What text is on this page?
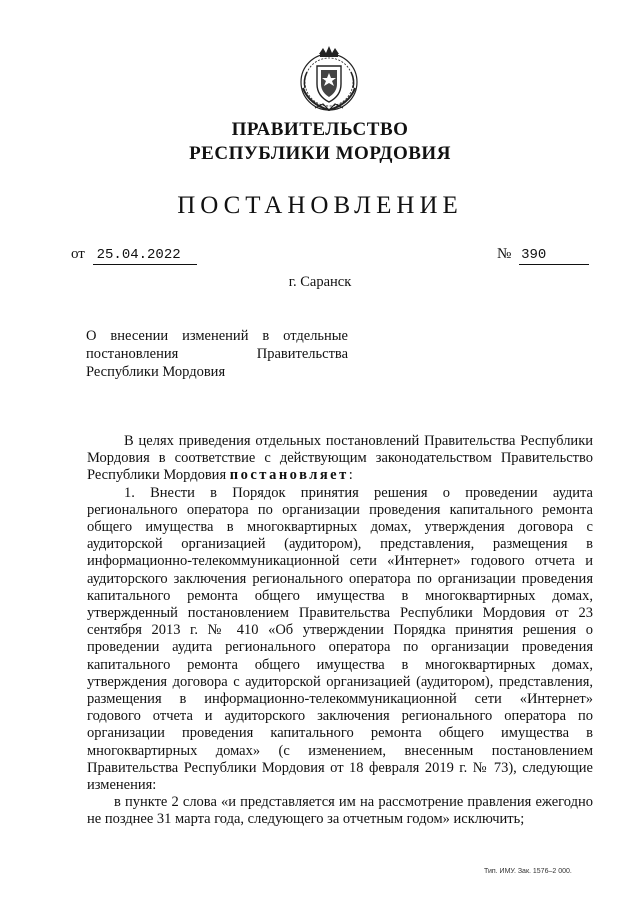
ПРАВИТЕЛЬСТВО
РЕСПУБЛИКИ МОРДОВИЯ
ПОСТАНОВЛЕНИЕ
от 25.04.2022	№ 390
г. Саранск
О внесении изменений в отдельные
постановления Правительства
Республики Мордовия

В целях приведения отдельных постановлений Правительства Республики Мордовия в соответствие с действующим законодательством Правительство Республики Мордовия постановляет:

1. Внести в Порядок принятия решения о проведении аудита регионального оператора по организации проведения капитального ремонта общего имущества в многоквартирных домах, утверждения договора с аудиторской организацией (аудитором), представления, размещения в информационно-телекоммуникационной сети «Интернет» годового отчета и аудиторского заключения регионального оператора по организации проведения капитального ремонта общего имущества в многоквартирных домах, утвержденный постановлением Правительства Республики Мордовия от 23 сентября 2013 г. № 410 «Об утверждении Порядка принятия решения о проведении аудита регионального оператора по организации проведения капитального ремонта общего имущества в многоквартирных домах, утверждения договора с аудиторской организацией (аудитором), представления, размещения в информационно-телекоммуникационной сети «Интернет» годового отчета и аудиторского заключения регионального оператора по организации проведения капитального ремонта общего имущества в многоквартирных домах» (с изменением, внесенным постановлением Правительства Республики Мордовия от 18 февраля 2019 г. № 73), следующие изменения:

в пункте 2 слова «и представляется им на рассмотрение правления ежегодно не позднее 31 марта года, следующего за отчетным годом» исключить;

Тип. ИМУ. Зак. 1576–2 000.
